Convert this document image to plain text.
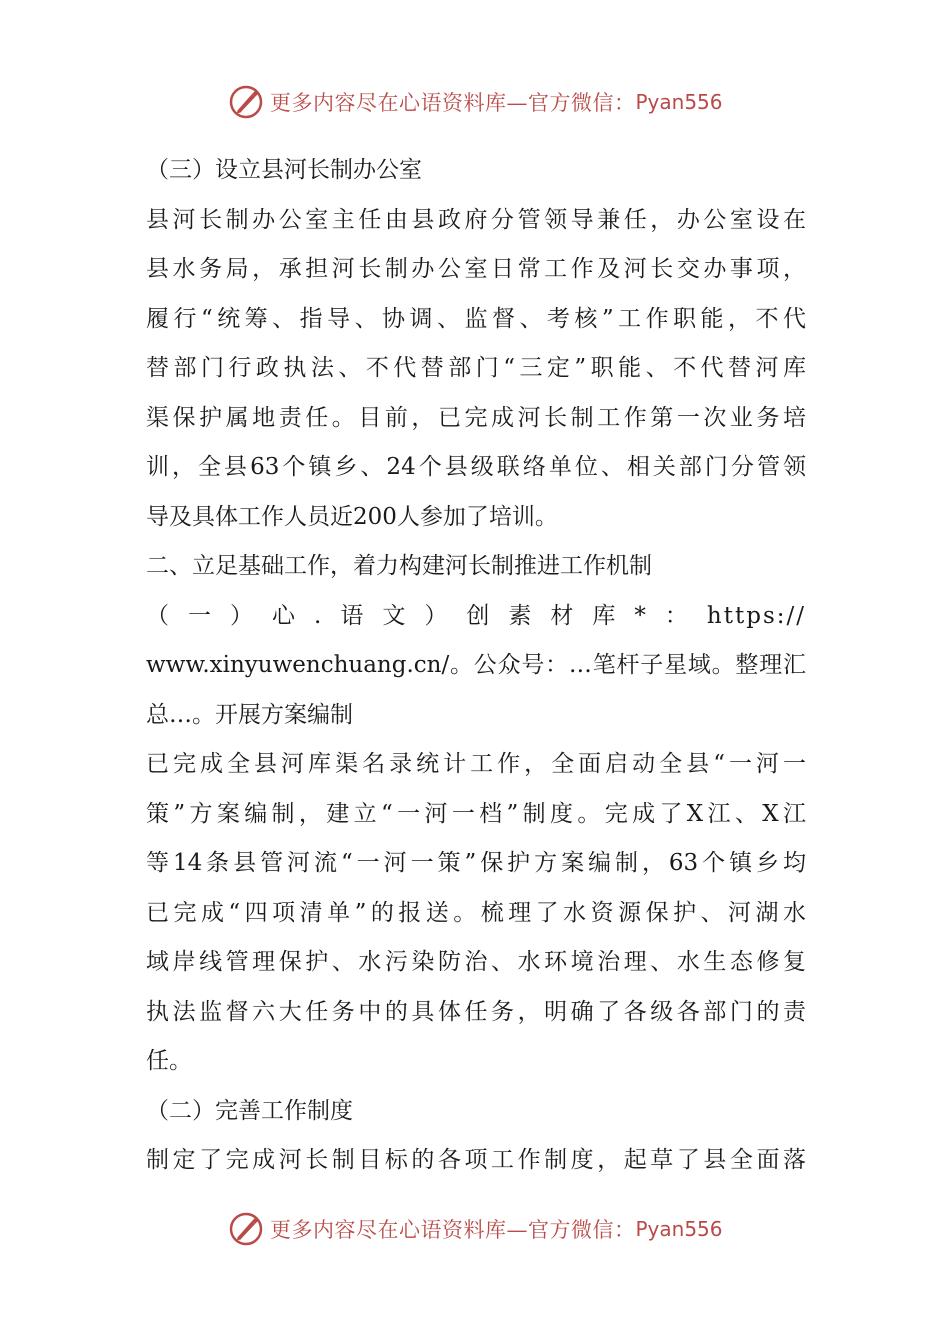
更多内容尽在心语资料库—官方微信： Pyan556
（三）设立县河长制办公室
县河长制办公室主任由县政府分管领导兼任，办公室设在
县水务局，承担河长制办公室日常工作及河长交办事项，
履行“统筹、指导、协调、监督、考核”工作职能，不代
替部门行政执法、不代替部门“三定”职能、不代替河库
渠保护属地责任。目前，已完成河长制工作第一次业务培
训，全县63个镇乡、24个县级联络单位、相关部门分管领
导及具体工作人员近200人参加了培训。
二、立足基础工作，着力构建河长制推进工作机制
（一）心.语文）创素材库*：https://
www.xinyuwenchuang.cn/。公众号：…笔杆子星域。整理汇
总…。开展方案编制
已完成全县河库渠名录统计工作，全面启动全县“一河一
策”方案编制，建立“一河一档”制度。完成了X江、X江
等14条县管河流“一河一策”保护方案编制，63个镇乡均
已完成“四项清单”的报送。梳理了水资源保护、河湖水
域岸线管理保护、水污染防治、水环境治理、水生态修复
执法监督六大任务中的具体任务，明确了各级各部门的责
任。
（二）完善工作制度
制定了完成河长制目标的各项工作制度，起草了县全面落
更多内容尽在心语资料库—官方微信： Pyan556
